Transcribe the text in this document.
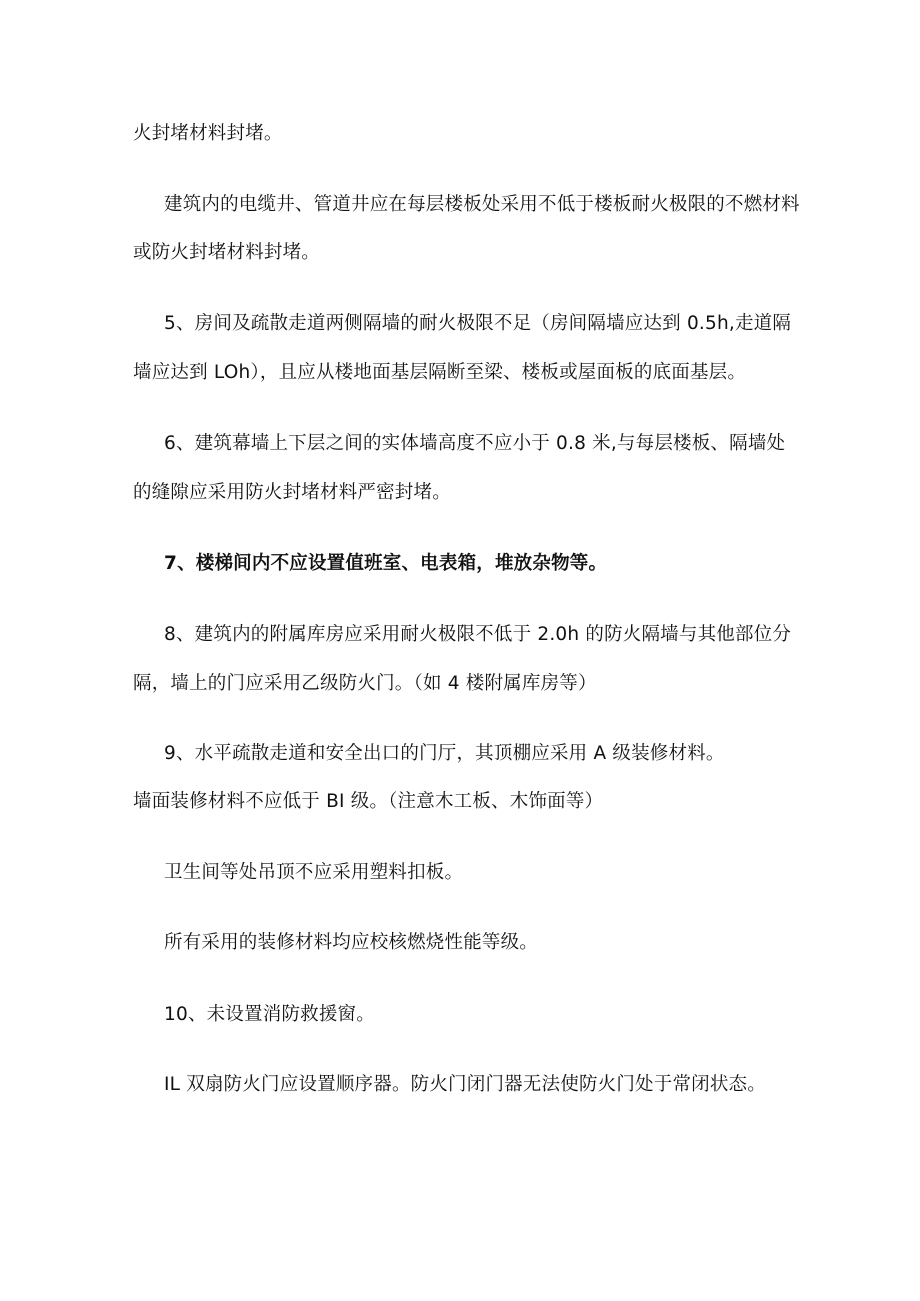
火封堵材料封堵。
建筑内的电缆井、管道井应在每层楼板处采用不低于楼板耐火极限的不燃材料
或防火封堵材料封堵。
5、房间及疏散走道两侧隔墙的耐火极限不足（房间隔墙应达到 0.5h,走道隔
墙应达到 LOh），且应从楼地面基层隔断至梁、楼板或屋面板的底面基层。
6、建筑幕墙上下层之间的实体墙高度不应小于 0.8 米,与每层楼板、隔墙处
的缝隙应采用防火封堵材料严密封堵。
7、楼梯间内不应设置值班室、电表箱，堆放杂物等。
8、建筑内的附属库房应采用耐火极限不低于 2.0h 的防火隔墙与其他部位分
隔，墙上的门应采用乙级防火门。（如 4 楼附属库房等）
9、水平疏散走道和安全出口的门厅，其顶棚应采用 A 级装修材料。
墙面装修材料不应低于 BI 级。（注意木工板、木饰面等）
卫生间等处吊顶不应采用塑料扣板。
所有采用的装修材料均应校核燃烧性能等级。
10、未设置消防救援窗。
IL 双扇防火门应设置顺序器。防火门闭门器无法使防火门处于常闭状态。
